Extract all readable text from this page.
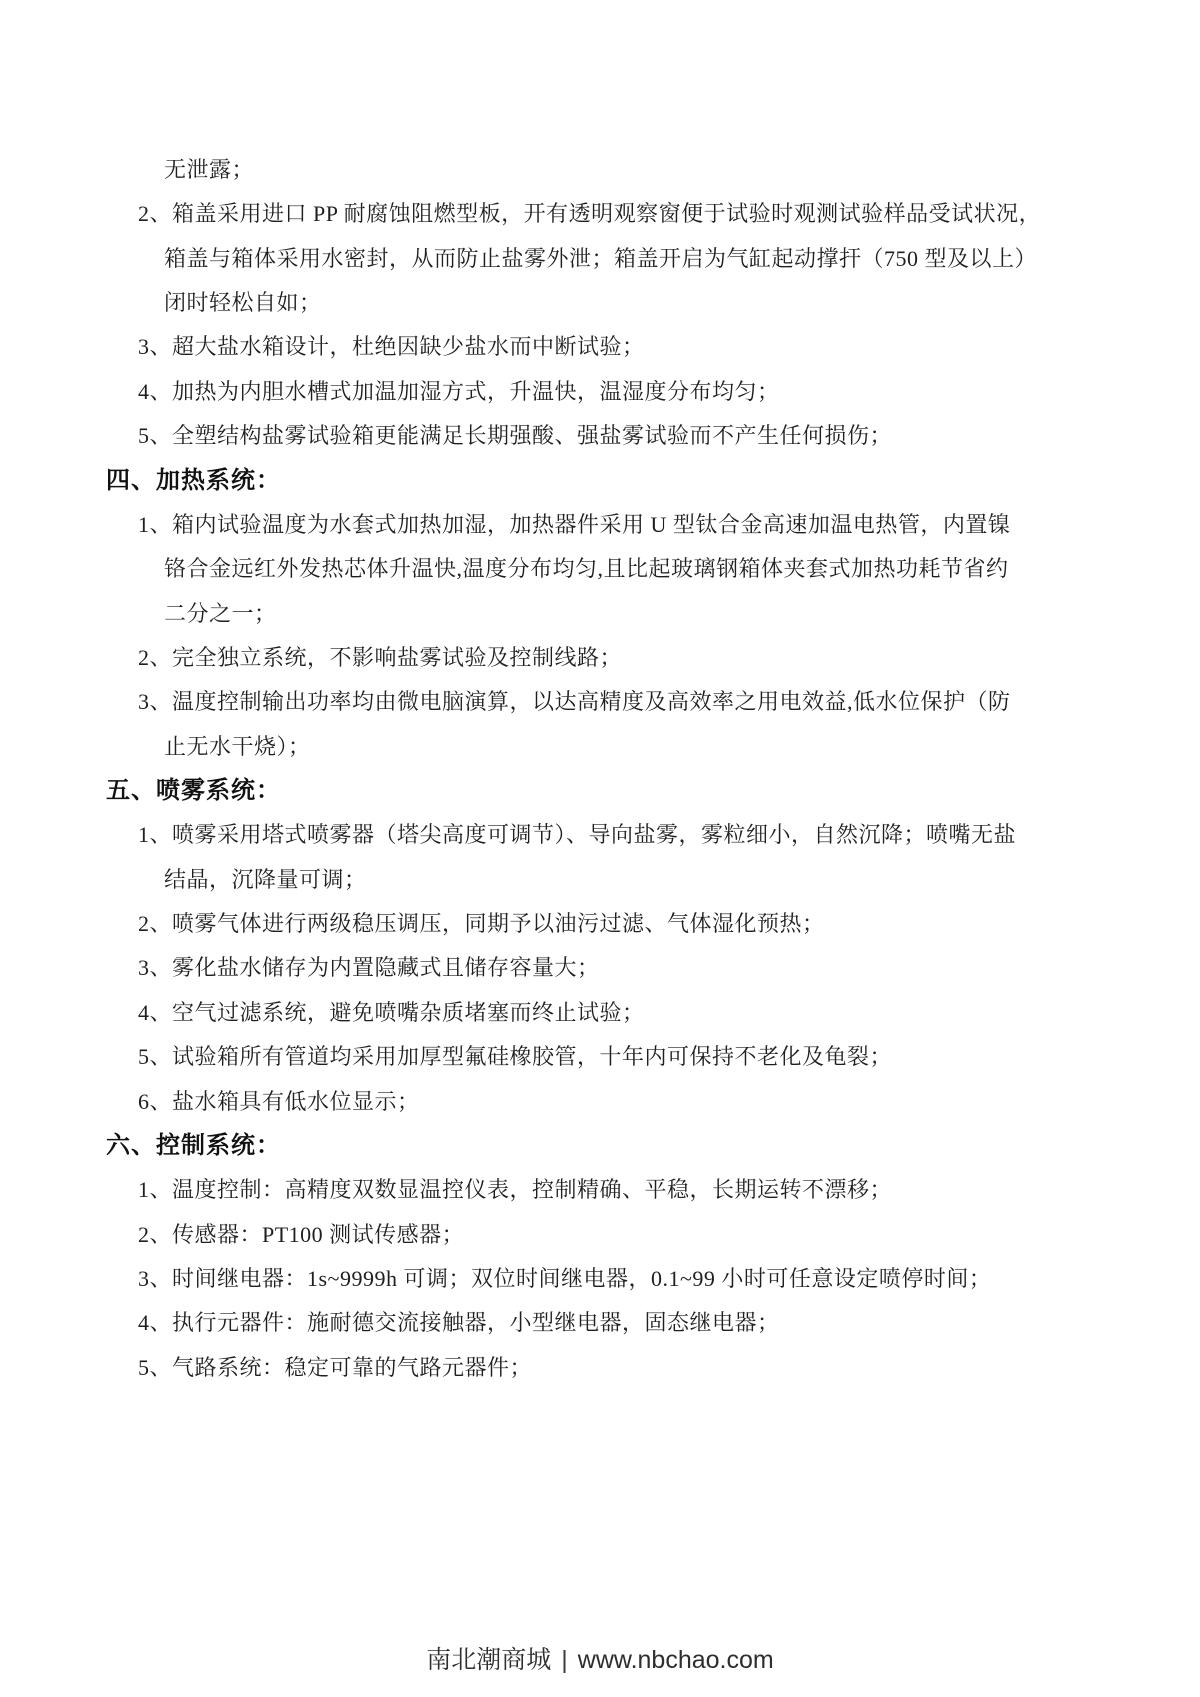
无泄露；
2、箱盖采用进口 PP 耐腐蚀阻燃型板，开有透明观察窗便于试验时观测试验样品受试状况，
箱盖与箱体采用水密封，从而防止盐雾外泄；箱盖开启为气缸起动撑扞（750 型及以上）
闭时轻松自如；
3、超大盐水箱设计，杜绝因缺少盐水而中断试验；
4、加热为内胆水槽式加温加湿方式，升温快，温湿度分布均匀；
5、全塑结构盐雾试验箱更能满足长期强酸、强盐雾试验而不产生任何损伤；
四、加热系统：
1、箱内试验温度为水套式加热加湿，加热器件采用 U 型钛合金高速加温电热管，内置镍
铬合金远红外发热芯体升温快,温度分布均匀,且比起玻璃钢箱体夹套式加热功耗节省约
二分之一；
2、完全独立系统，不影响盐雾试验及控制线路；
3、温度控制输出功率均由微电脑演算，以达高精度及高效率之用电效益,低水位保护（防
止无水干烧）；
五、喷雾系统：
1、喷雾采用塔式喷雾器（塔尖高度可调节）、导向盐雾，雾粒细小，自然沉降；喷嘴无盐
结晶，沉降量可调；
2、喷雾气体进行两级稳压调压，同期予以油污过滤、气体湿化预热；
3、雾化盐水储存为内置隐藏式且储存容量大；
4、空气过滤系统，避免喷嘴杂质堵塞而终止试验；
5、试验箱所有管道均采用加厚型氟硅橡胶管，十年内可保持不老化及龟裂；
6、盐水箱具有低水位显示；
六、控制系统：
1、温度控制：高精度双数显温控仪表，控制精确、平稳，长期运转不漂移；
2、传感器：PT100 测试传感器；
3、时间继电器：1s~9999h 可调；双位时间继电器，0.1~99 小时可任意设定喷停时间；
4、执行元器件：施耐德交流接触器，小型继电器，固态继电器；
5、气路系统：稳定可靠的气路元器件；
南北潮商城 | www.nbchao.com
